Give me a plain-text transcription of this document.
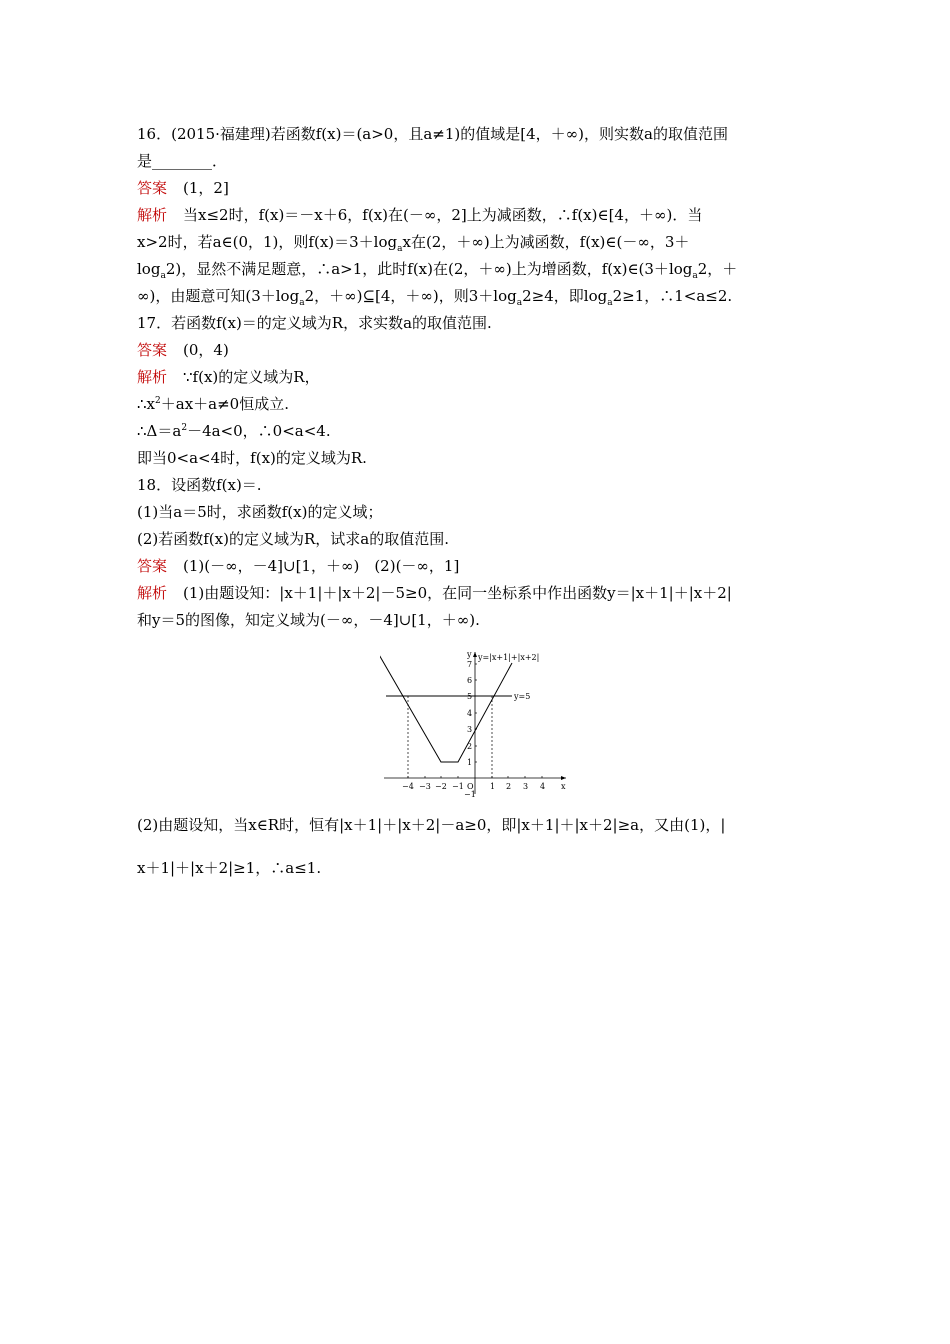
16．(2015·福建理)若函数f(x)＝(a>0，且a≠1)的值域是[4，＋∞)，则实数a的取值范围
是________．
答案 (1，2]
解析 当x≤2时，f(x)＝－x＋6，f(x)在(－∞，2]上为减函数，∴f(x)∈[4，＋∞)．当
x>2时，若a∈(0，1)，则$f(x)=3+\log_ax$在(2，＋∞)上为减函数，f(x)∈(－∞，3＋
$\log_a2$)，显然不满足题意，∴a>1，此时f(x)在(2，＋∞)上为增函数，$f(x)\in(3+\log_a2$，＋
∞)，由题意可知($3+\log_a2$，＋∞)⊆[4，＋∞)，则$3+\log_a2\ge 4$，即$\log_a2\ge 1$，∴1<a≤2.
17．若函数f(x)＝的定义域为R，求实数a的取值范围.
答案 (0，4)
解析 ∵f(x)的定义域为R，
$\therefore x^2+ax+a\ne 0$恒成立.
$\therefore\Delta=a^2-4a<0$，∴0<a<4.
即当0<a<4时，f(x)的定义域为R.
18．设函数f(x)＝.
(1)当a＝5时，求函数f(x)的定义域；
(2)若函数f(x)的定义域为R，试求a的取值范围.
答案 (1)(－∞，－4]∪[1，＋∞)　(2)(－∞，1]
解析 (1)由题设知：|x＋1|＋|x＋2|－5≥0，在同一坐标系中作出函数y＝|x＋1|＋|x＋2|
和y＝5的图像，知定义域为(－∞，－4]∪[1，＋∞).
y=|x+1|+|x+2|
y=5
y
x
O
7
6
5
4
3
2
1
−1
−4 −3 −2 −1	1 2 3 4
(2)由题设知，当x∈R时，恒有|x＋1|＋|x＋2|－a≥0，即|x＋1|＋|x＋2|≥a，又由(1)，|
x＋1|＋|x＋2|≥1，∴a≤1.
